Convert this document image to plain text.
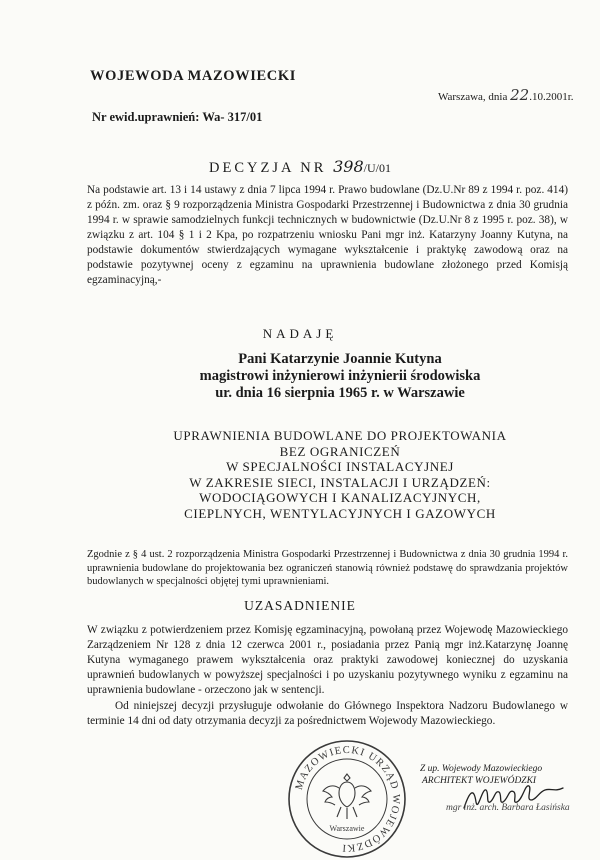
WOJEWODA MAZOWIECKI
Warszawa, dnia 22.10.2001r.
Nr ewid.uprawnień: Wa- 317/01
DECYZJA NR 398/U/01
Na podstawie art. 13 i 14 ustawy z dnia 7 lipca 1994 r. Prawo budowlane (Dz.U.Nr 89 z 1994 r. poz. 414) z późn. zm. oraz § 9 rozporządzenia Ministra Gospodarki Przestrzennej i Budownictwa z dnia 30 grudnia 1994 r. w sprawie samodzielnych funkcji technicznych w budownictwie (Dz.U.Nr 8 z 1995 r. poz. 38), w związku z art. 104 § 1 i 2 Kpa, po rozpatrzeniu wniosku Pani mgr inż. Katarzyny Joanny Kutyna, na podstawie dokumentów stwierdzających wymagane wykształcenie i praktykę zawodową oraz na podstawie pozytywnej oceny z egzaminu na uprawnienia budowlane złożonego przed Komisją egzaminacyjną,-
NADAJĘ
Pani Katarzynie Joannie Kutyna
magistrowi inżynierowi inżynierii środowiska
ur. dnia 16 sierpnia 1965 r. w Warszawie
UPRAWNIENIA BUDOWLANE DO PROJEKTOWANIA
BEZ OGRANICZEŃ
W SPECJALNOŚCI INSTALACYJNEJ
W ZAKRESIE SIECI, INSTALACJI I URZĄDZEŃ:
WODOCIĄGOWYCH I KANALIZACYJNYCH,
CIEPLNYCH, WENTYLACYJNYCH I GAZOWYCH
Zgodnie z § 4 ust. 2 rozporządzenia Ministra Gospodarki Przestrzennej i Budownictwa z dnia 30 grudnia 1994 r. uprawnienia budowlane do projektowania bez ograniczeń stanowią również podstawę do sprawdzania projektów budowlanych w specjalności objętej tymi uprawnieniami.
UZASADNIENIE
W związku z potwierdzeniem przez Komisję egzaminacyjną, powołaną przez Wojewodę Mazowieckiego Zarządzeniem Nr 128 z dnia 12 czerwca 2001 r., posiadania przez Panią mgr inż.Katarzynę Joannę Kutyna wymaganego prawem wykształcenia oraz praktyki zawodowej koniecznej do uzyskania uprawnień budowlanych w powyższej specjalności i po uzyskaniu pozytywnego wyniku z egzaminu na uprawnienia budowlane - orzeczono jak w sentencji.
Od niniejszej decyzji przysługuje odwołanie do Głównego Inspektora Nadzoru Budowlanego w terminie 14 dni od daty otrzymania decyzji za pośrednictwem Wojewody Mazowieckiego.
MAZOWIECKI URZĄD WOJEWÓDZKI
Warszawie
Z up. Wojewody Mazowieckiego
ARCHITEKT WOJEWÓDZKI
mgr inż. arch. Barbara Łasińska
